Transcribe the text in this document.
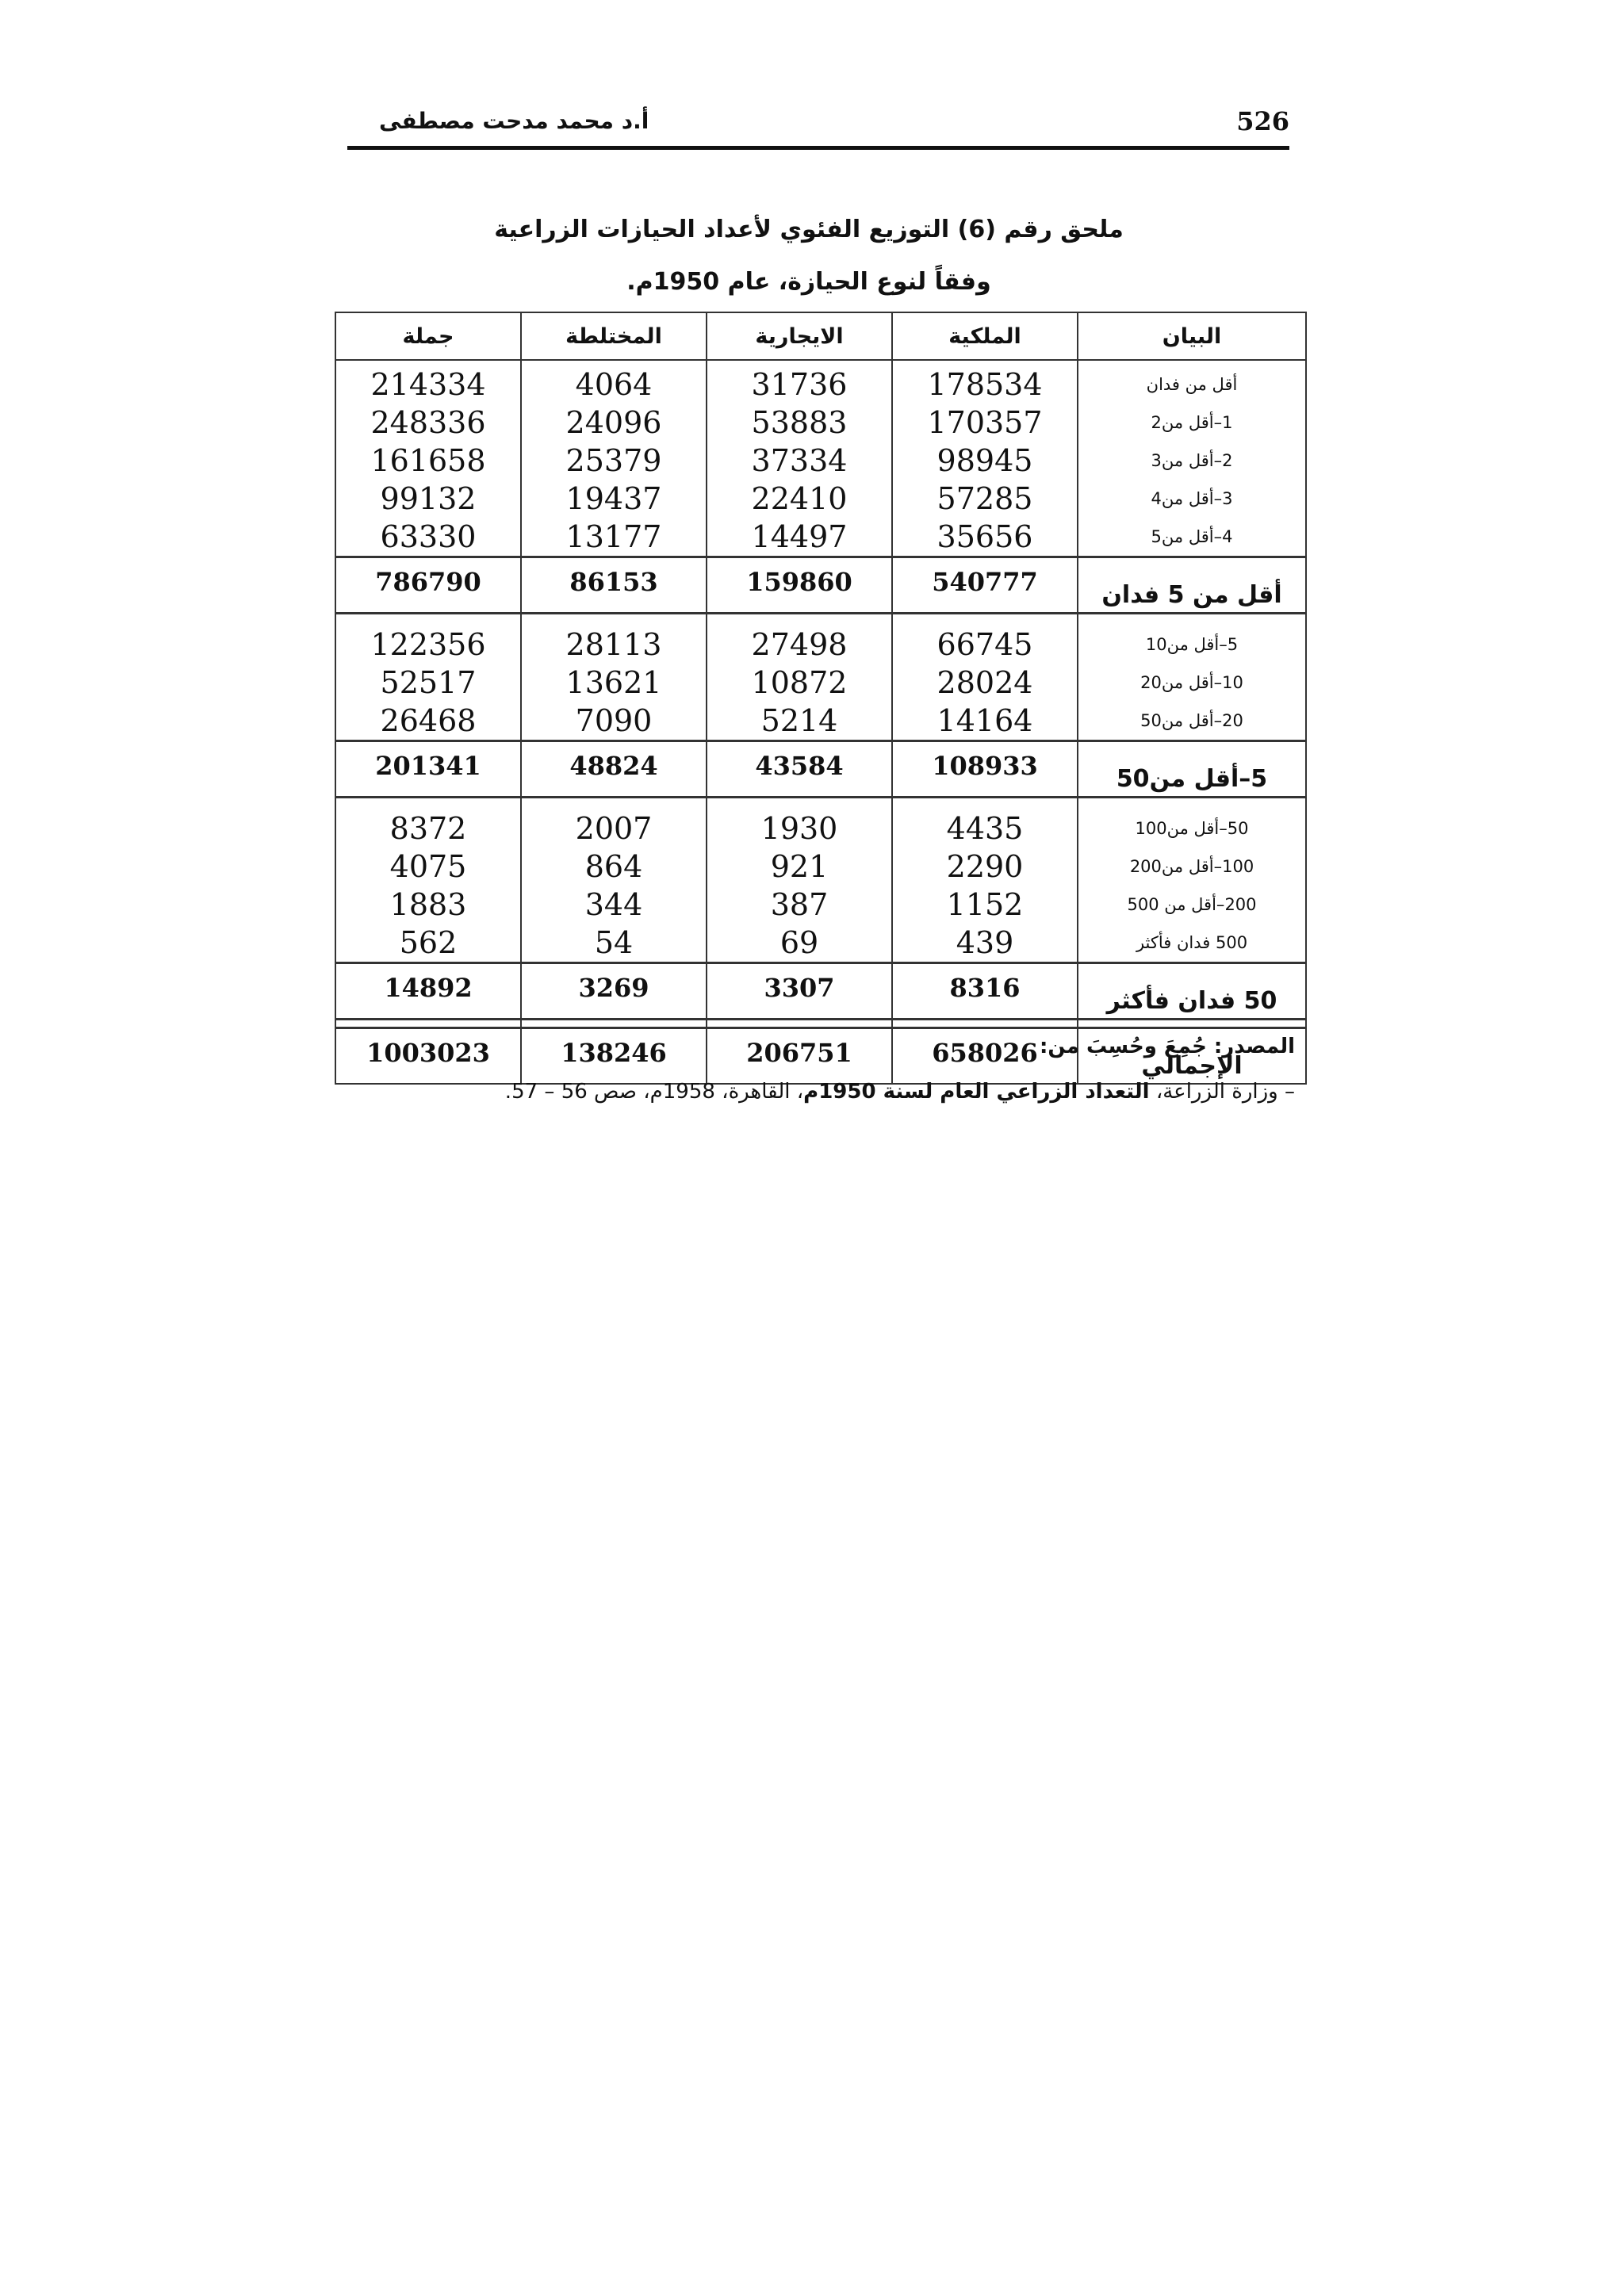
526
أ.د محمد مدحت مصطفى
ملحق رقم (6) التوزيع الفئوي لأعداد الحيازات الزراعية
وفقاً لنوع الحيازة، عام 1950م.
البيان	الملكية	الايجارية	المختلطة	جملة
أقل من فدان	178534	31736	4064	214334
1–أقل من2	170357	53883	24096	248336
2–أقل من3	98945	37334	25379	161658
3–أقل من4	57285	22410	19437	99132
4–أقل من5	35656	14497	13177	63330
أقل من 5 فدان	540777	159860	86153	786790

5–أقل من10	66745	27498	28113	122356
10–أقل من20	28024	10872	13621	52517
20–أقل من50	14164	5214	7090	26468
5–أقل من50	108933	43584	48824	201341

50–أقل من100	4435	1930	2007	8372
100–أقل من200	2290	921	864	4075
200–أقل من 500	1152	387	344	1883
500 فدان فأكثر	439	69	54	562
50 فدان فأكثر	8316	3307	3269	14892

الإجمالي	658026	206751	138246	1003023	المصدر: جُمِعَ وحُسِبَ من:
– وزارة الزراعة، التعداد الزراعي العام لسنة 1950م، القاهرة، 1958م، صص 56 – 57.
